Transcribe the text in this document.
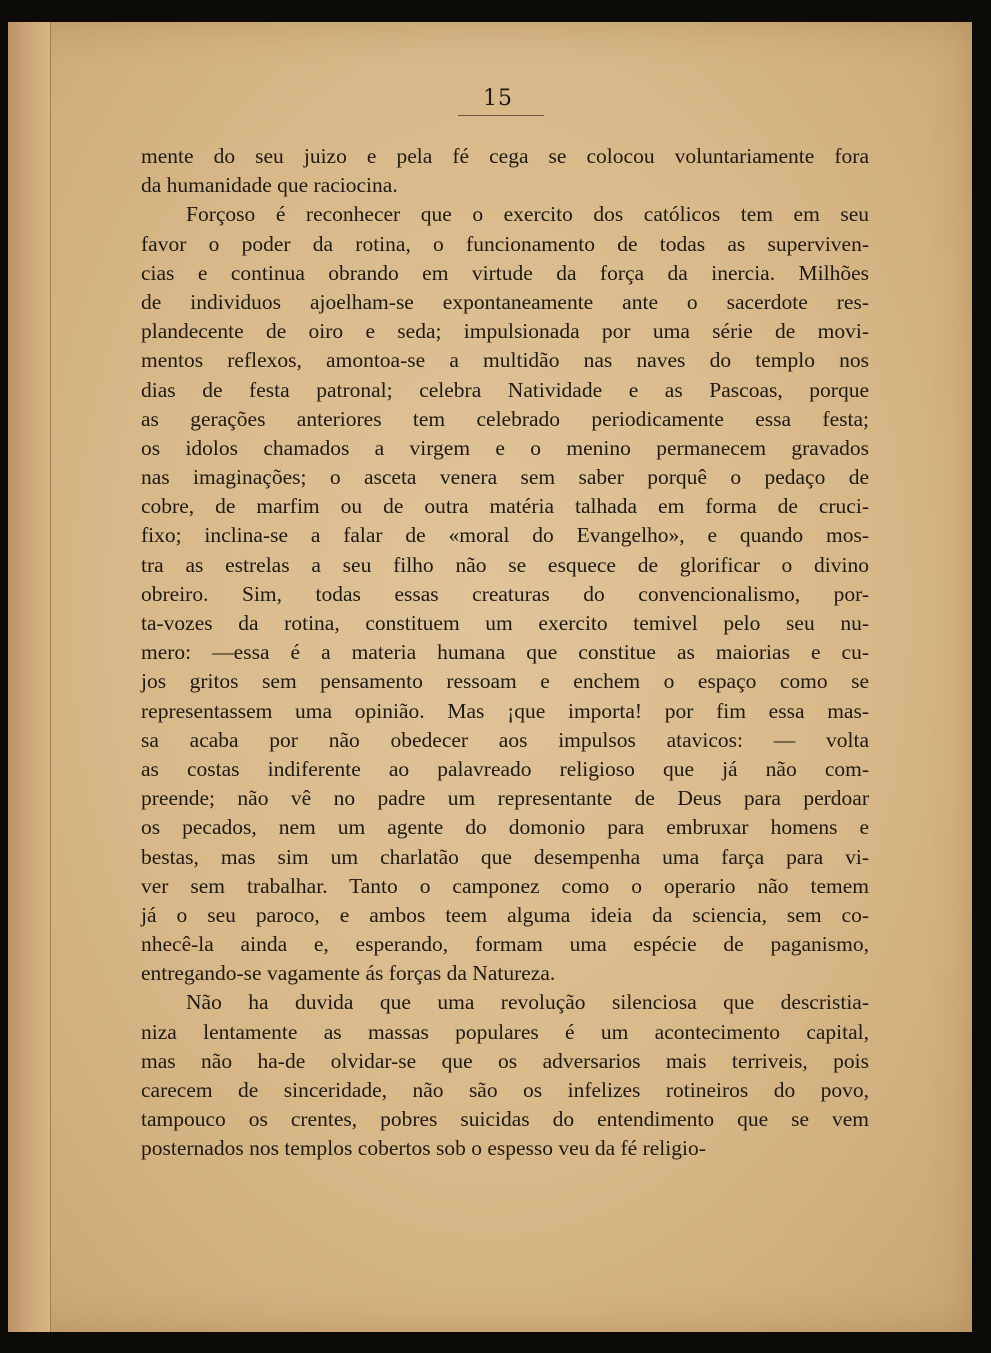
15
mente do seu juizo e pela fé cega se colocou voluntariamente fora
da humanidade que raciocina.
Forçoso é reconhecer que o exercito dos católicos tem em seu
favor o poder da rotina, o funcionamento de todas as superviven-
cias e continua obrando em virtude da força da inercia. Milhões
de individuos ajoelham-se expontaneamente ante o sacerdote res-
plandecente de oiro e seda; impulsionada por uma série de movi-
mentos reflexos, amontoa-se a multidão nas naves do templo nos
dias de festa patronal; celebra Natividade e as Pascoas, porque
as gerações anteriores tem celebrado periodicamente essa festa;
os idolos chamados a virgem e o menino permanecem gravados
nas imaginações; o asceta venera sem saber porquê o pedaço de
cobre, de marfim ou de outra matéria talhada em forma de cruci-
fixo; inclina-se a falar de «moral do Evangelho», e quando mos-
tra as estrelas a seu filho não se esquece de glorificar o divino
obreiro. Sim, todas essas creaturas do convencionalismo, por-
ta-vozes da rotina, constituem um exercito temivel pelo seu nu-
mero: —essa é a materia humana que constitue as maiorias e cu-
jos gritos sem pensamento ressoam e enchem o espaço como se
representassem uma opinião. Mas ¡que importa! por fim essa mas-
sa acaba por não obedecer aos impulsos atavicos: — volta
as costas indiferente ao palavreado religioso que já não com-
preende; não vê no padre um representante de Deus para perdoar
os pecados, nem um agente do domonio para embruxar homens e
bestas, mas sim um charlatão que desempenha uma farça para vi-
ver sem trabalhar. Tanto o camponez como o operario não temem
já o seu paroco, e ambos teem alguma ideia da sciencia, sem co-
nhecê-la ainda e, esperando, formam uma espécie de paganismo,
entregando-se vagamente ás forças da Natureza.
Não ha duvida que uma revolução silenciosa que descristia-
niza lentamente as massas populares é um acontecimento capital,
mas não ha-de olvidar-se que os adversarios mais terriveis, pois
carecem de sinceridade, não são os infelizes rotineiros do povo,
tampouco os crentes, pobres suicidas do entendimento que se vem
posternados nos templos cobertos sob o espesso veu da fé religio-
